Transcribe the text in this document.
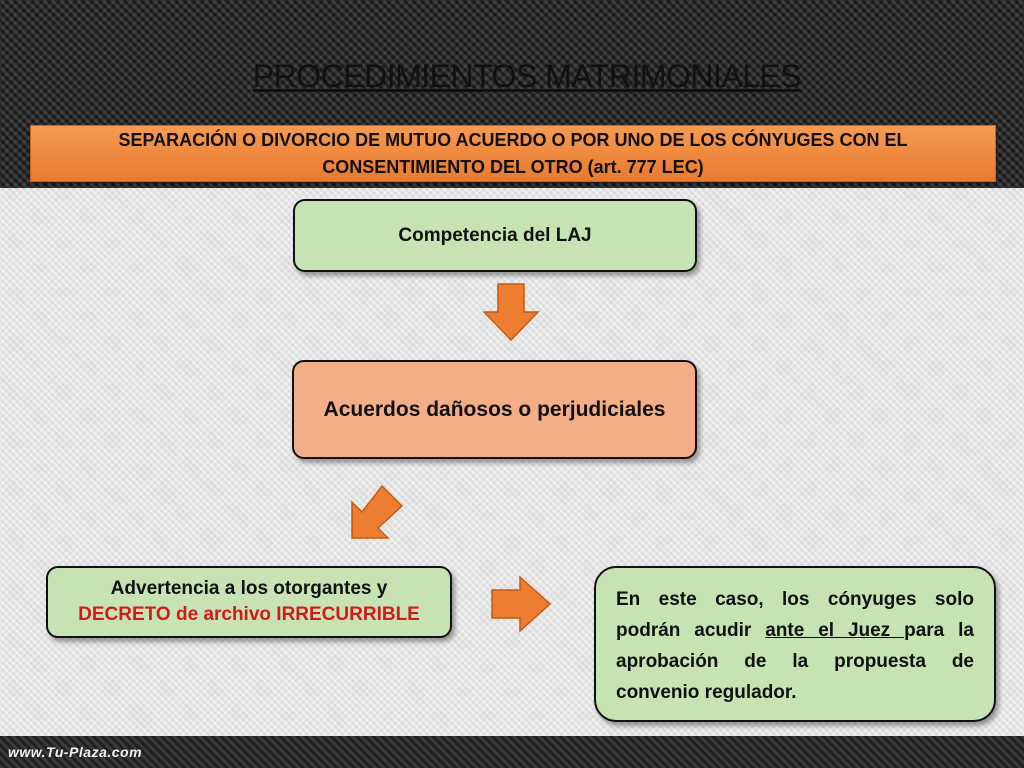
PROCEDIMIENTOS MATRIMONIALES
SEPARACIÓN O DIVORCIO DE MUTUO ACUERDO O POR UNO DE LOS CÓNYUGES CON EL
CONSENTIMIENTO DEL OTRO (art. 777 LEC)
Competencia del LAJ
Acuerdos dañosos o perjudiciales
Advertencia a los otorgantes y
DECRETO de archivo IRRECURRIBLE
En este caso, los cónyuges solo podrán acudir ante el Juez para la aprobación de la propuesta de convenio regulador.
www.Tu-Plaza.com
